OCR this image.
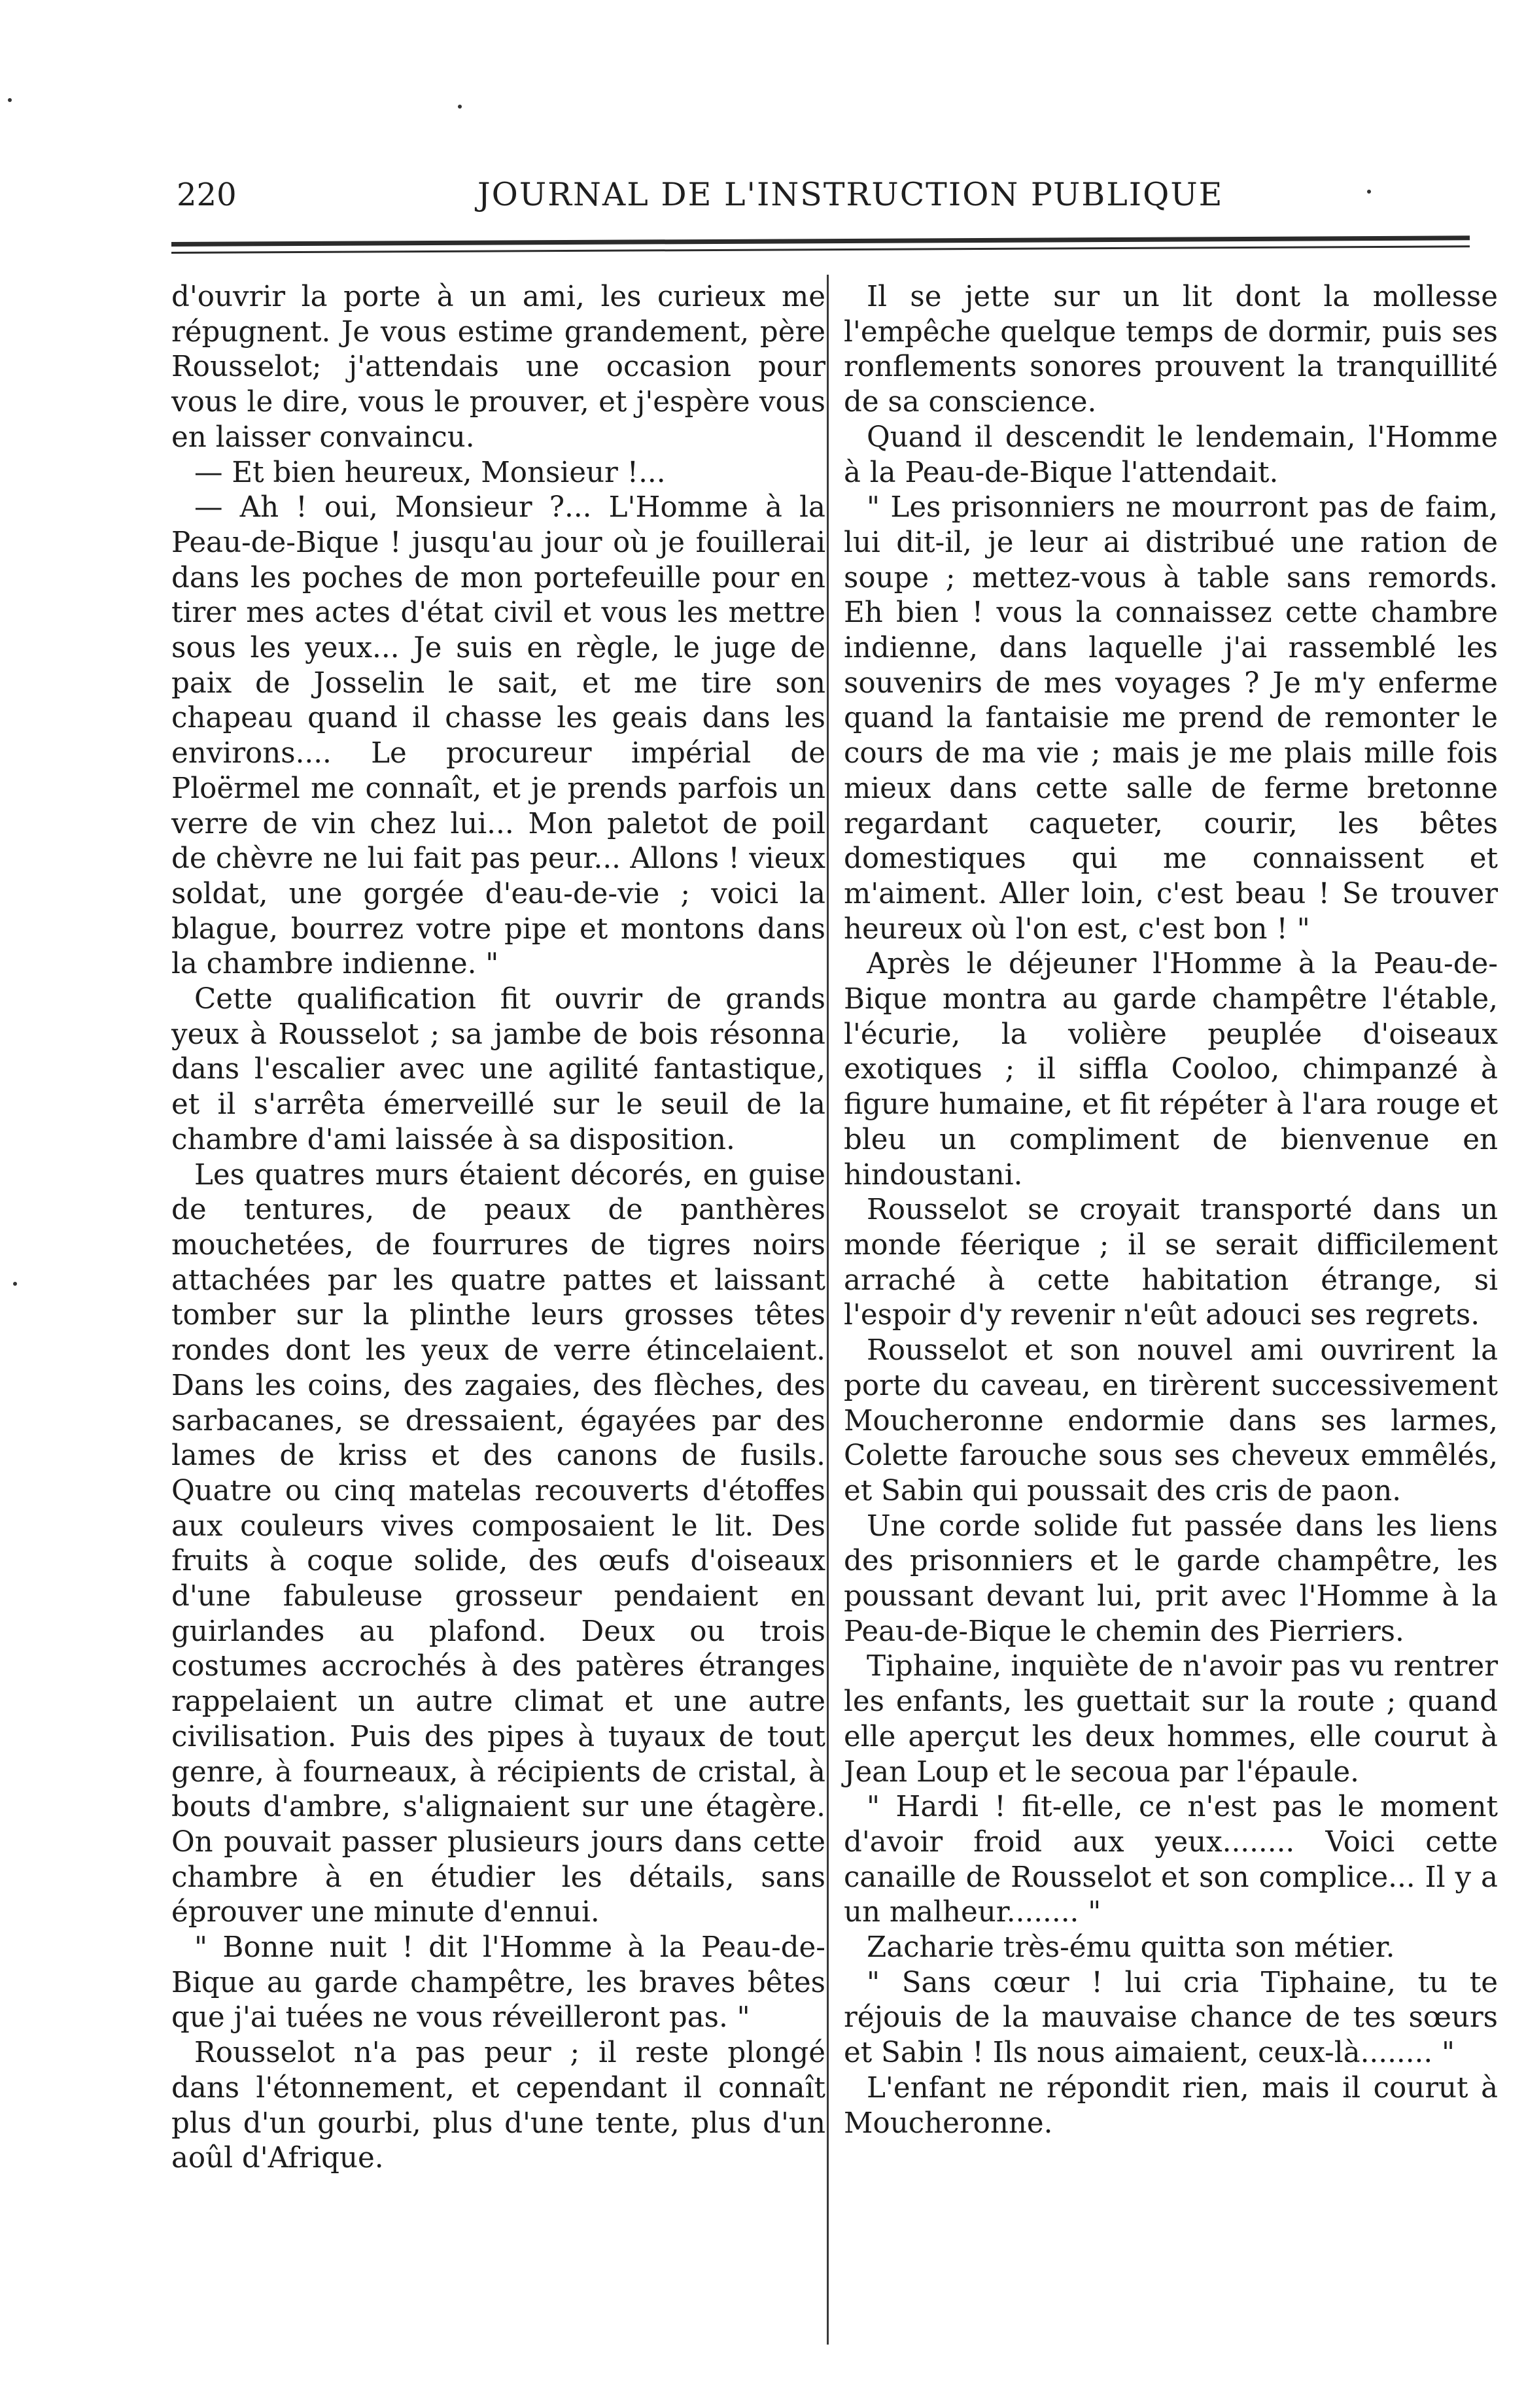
220	JOURNAL DE L'INSTRUCTION PUBLIQUE

d'ouvrir la porte à un ami, les curieux me répugnent. Je vous estime grandement, père Rousselot; j'attendais une occasion pour vous le dire, vous le prouver, et j'espère vous en laisser convaincu.

— Et bien heureux, Monsieur !...

— Ah ! oui, Monsieur ?... L'Homme à la Peau-de-Bique ! jusqu'au jour où je fouillerai dans les poches de mon portefeuille pour en tirer mes actes d'état civil et vous les mettre sous les yeux... Je suis en règle, le juge de paix de Josselin le sait, et me tire son chapeau quand il chasse les geais dans les environs.... Le procureur impérial de Ploërmel me connaît, et je prends parfois un verre de vin chez lui... Mon paletot de poil de chèvre ne lui fait pas peur... Allons ! vieux soldat, une gorgée d'eau-de-vie ; voici la blague, bourrez votre pipe et montons dans la chambre indienne. "

Cette qualification fit ouvrir de grands yeux à Rousselot ; sa jambe de bois résonna dans l'escalier avec une agilité fantastique, et il s'arrêta émerveillé sur le seuil de la chambre d'ami laissée à sa disposition.

Les quatres murs étaient décorés, en guise de tentures, de peaux de panthères mouchetées, de fourrures de tigres noirs attachées par les quatre pattes et laissant tomber sur la plinthe leurs grosses têtes rondes dont les yeux de verre étincelaient. Dans les coins, des zagaies, des flèches, des sarbacanes, se dressaient, égayées par des lames de kriss et des canons de fusils. Quatre ou cinq matelas recouverts d'étoffes aux couleurs vives composaient le lit. Des fruits à coque solide, des œufs d'oiseaux d'une fabuleuse grosseur pendaient en guirlandes au plafond. Deux ou trois costumes accrochés à des patères étranges rappelaient un autre climat et une autre civilisation. Puis des pipes à tuyaux de tout genre, à fourneaux, à récipients de cristal, à bouts d'ambre, s'alignaient sur une étagère. On pouvait passer plusieurs jours dans cette chambre à en étudier les détails, sans éprouver une minute d'ennui.

" Bonne nuit ! dit l'Homme à la Peau-de-Bique au garde champêtre, les braves bêtes que j'ai tuées ne vous réveilleront pas. "

Rousselot n'a pas peur ; il reste plongé dans l'étonnement, et cependant il connaît plus d'un gourbi, plus d'une tente, plus d'un aoûl d'Afrique.

Il se jette sur un lit dont la mollesse l'empêche quelque temps de dormir, puis ses ronflements sonores prouvent la tranquillité de sa conscience.

Quand il descendit le lendemain, l'Homme à la Peau-de-Bique l'attendait.

" Les prisonniers ne mourront pas de faim, lui dit-il, je leur ai distribué une ration de soupe ; mettez-vous à table sans remords. Eh bien ! vous la connaissez cette chambre indienne, dans laquelle j'ai rassemblé les souvenirs de mes voyages ? Je m'y enferme quand la fantaisie me prend de remonter le cours de ma vie ; mais je me plais mille fois mieux dans cette salle de ferme bretonne regardant caqueter, courir, les bêtes domestiques qui me connaissent et m'aiment. Aller loin, c'est beau ! Se trouver heureux où l'on est, c'est bon ! "

Après le déjeuner l'Homme à la Peau-de-Bique montra au garde champêtre l'étable, l'écurie, la volière peuplée d'oiseaux exotiques ; il siffla Cooloo, chimpanzé à figure humaine, et fit répéter à l'ara rouge et bleu un compliment de bienvenue en hindoustani.

Rousselot se croyait transporté dans un monde féerique ; il se serait difficilement arraché à cette habitation étrange, si l'espoir d'y revenir n'eût adouci ses regrets.

Rousselot et son nouvel ami ouvrirent la porte du caveau, en tirèrent successivement Moucheronne endormie dans ses larmes, Colette farouche sous ses cheveux emmêlés, et Sabin qui poussait des cris de paon.

Une corde solide fut passée dans les liens des prisonniers et le garde champêtre, les poussant devant lui, prit avec l'Homme à la Peau-de-Bique le chemin des Pierriers.

Tiphaine, inquiète de n'avoir pas vu rentrer les enfants, les guettait sur la route ; quand elle aperçut les deux hommes, elle courut à Jean Loup et le secoua par l'épaule.

" Hardi ! fit-elle, ce n'est pas le moment d'avoir froid aux yeux........ Voici cette canaille de Rousselot et son complice... Il y a un malheur........ "

Zacharie très-ému quitta son métier.

" Sans cœur ! lui cria Tiphaine, tu te réjouis de la mauvaise chance de tes sœurs et Sabin ! Ils nous aimaient, ceux-là........ "

L'enfant ne répondit rien, mais il courut à Moucheronne.
